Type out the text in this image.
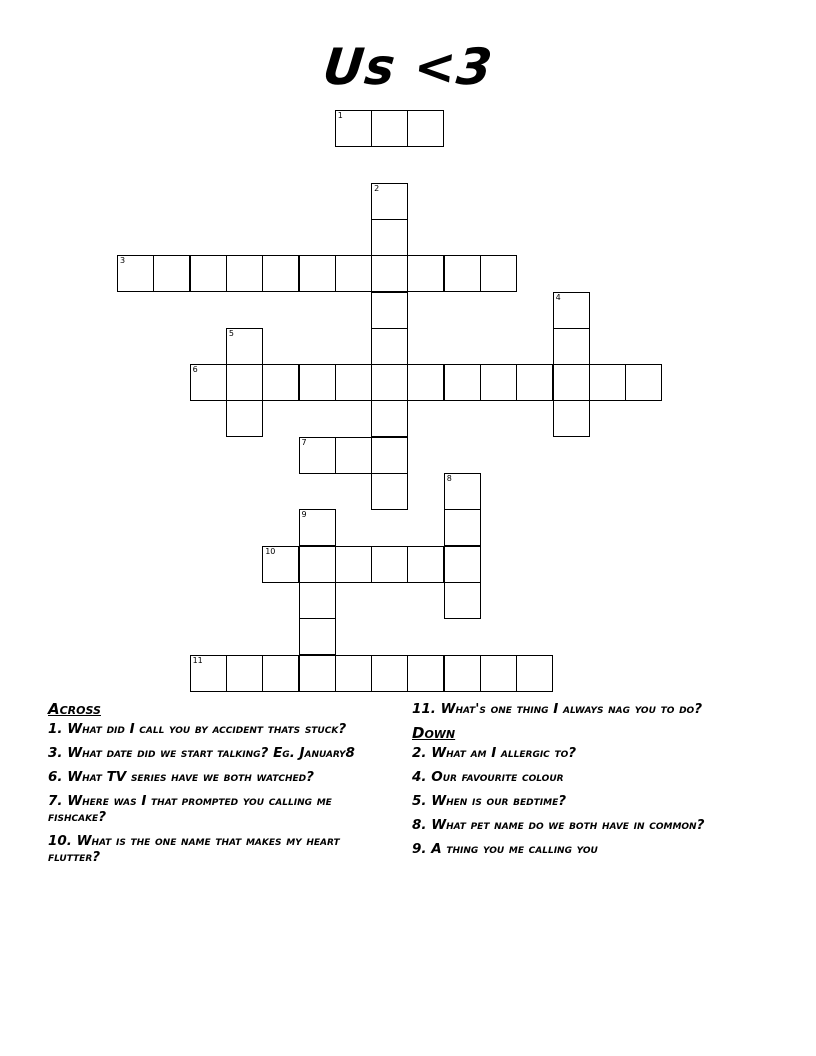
Us <3
1
2
3
4
5
6
7
8
9
10
11
Across
1. What did I call you by accident thats stuck?
3. What date did we start talking? Eg. January8
6. What TV series have we both watched?
7. Where was I that prompted you calling me fishcake?
10. What is the one name that makes my heart flutter?
11. What's one thing I always nag you to do?
Down
2. What am I allergic to?
4. Our favourite colour
5. When is our bedtime?
8. What pet name do we both have in common?
9. A thing you me calling you
